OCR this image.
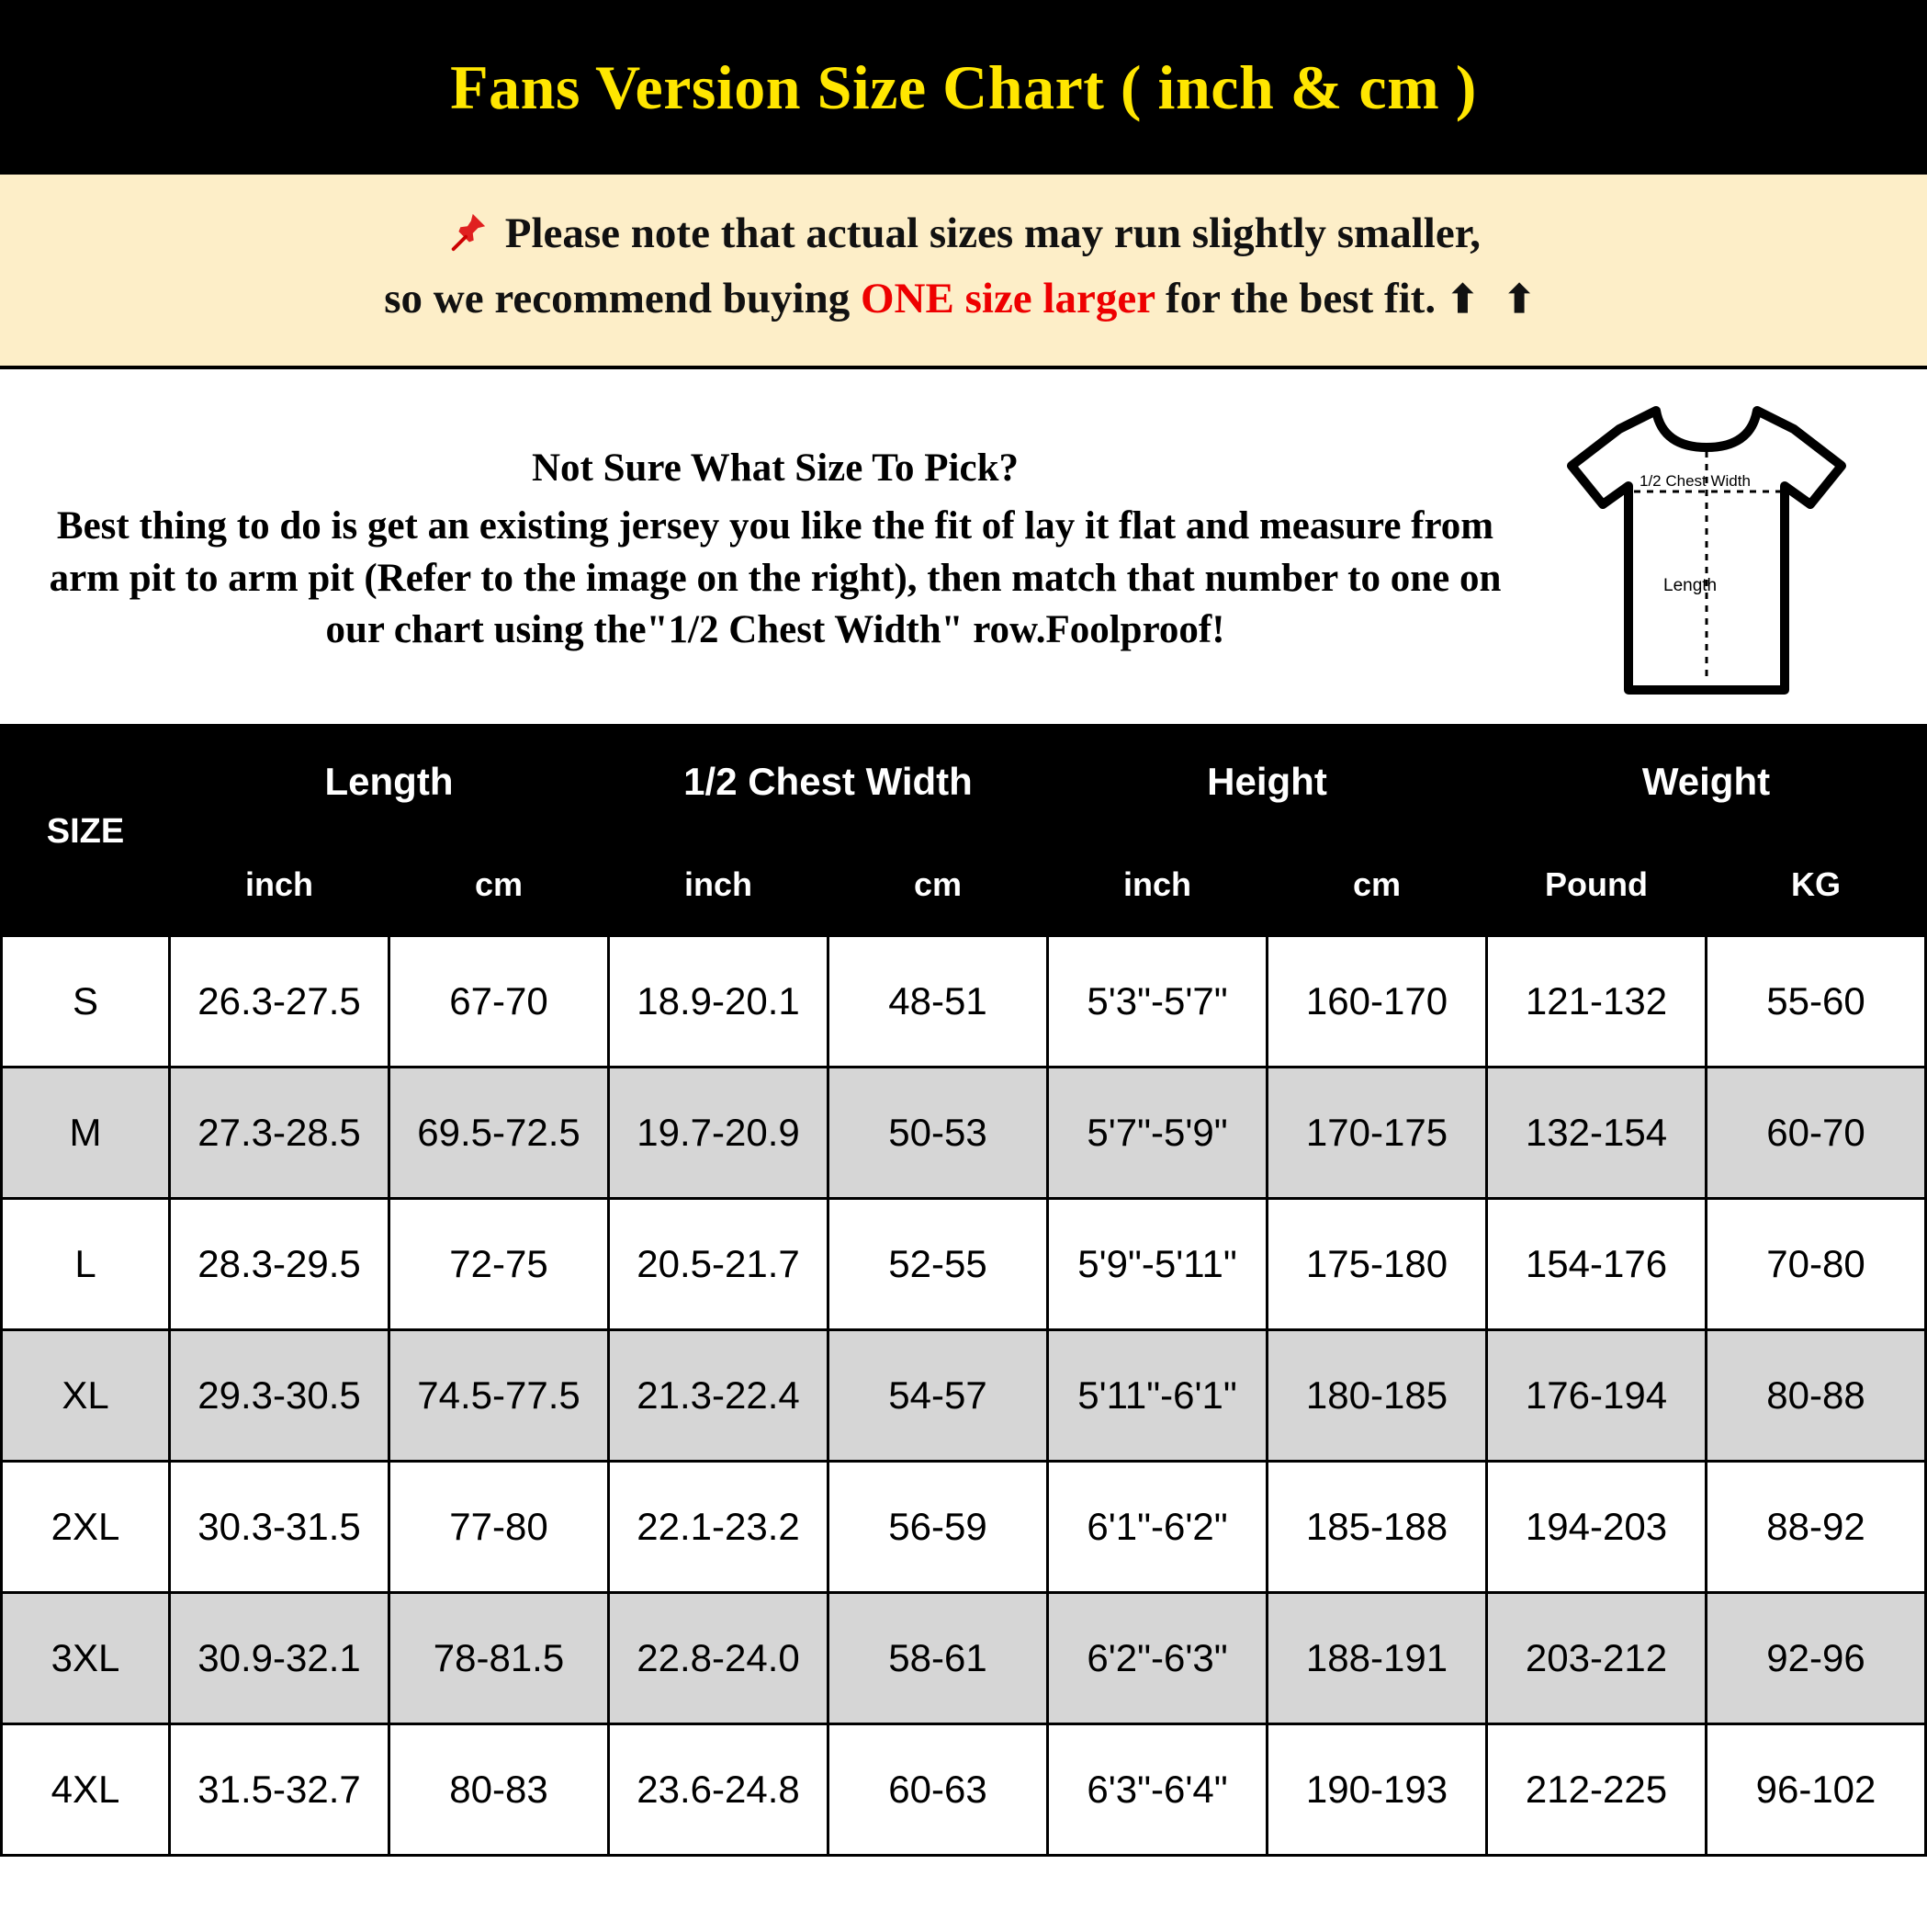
Fans Version Size Chart ( inch & cm )
Please note that actual sizes may run slightly smaller,
so we recommend buying ONE size larger for the best fit. ⬆ ⬆
Not Sure What Size To Pick?
Best thing to do is get an existing jersey you like the fit of lay it flat and measure from arm pit to arm pit (Refer to the image on the right), then match that number to one on our chart using the"1/2 Chest Width" row.Foolproof!
1/2 Chest Width
Length
SIZE	Length		1/2 Chest Width		Height		Weight	
	inch	cm	inch	cm	inch	cm	Pound	KG
S	26.3-27.5	67-70	18.9-20.1	48-51	5'3"-5'7"	160-170	121-132	55-60
M	27.3-28.5	69.5-72.5	19.7-20.9	50-53	5'7"-5'9"	170-175	132-154	60-70
L	28.3-29.5	72-75	20.5-21.7	52-55	5'9"-5'11"	175-180	154-176	70-80
XL	29.3-30.5	74.5-77.5	21.3-22.4	54-57	5'11"-6'1"	180-185	176-194	80-88
2XL	30.3-31.5	77-80	22.1-23.2	56-59	6'1"-6'2"	185-188	194-203	88-92
3XL	30.9-32.1	78-81.5	22.8-24.0	58-61	6'2"-6'3"	188-191	203-212	92-96
4XL	31.5-32.7	80-83	23.6-24.8	60-63	6'3"-6'4"	190-193	212-225	96-102
